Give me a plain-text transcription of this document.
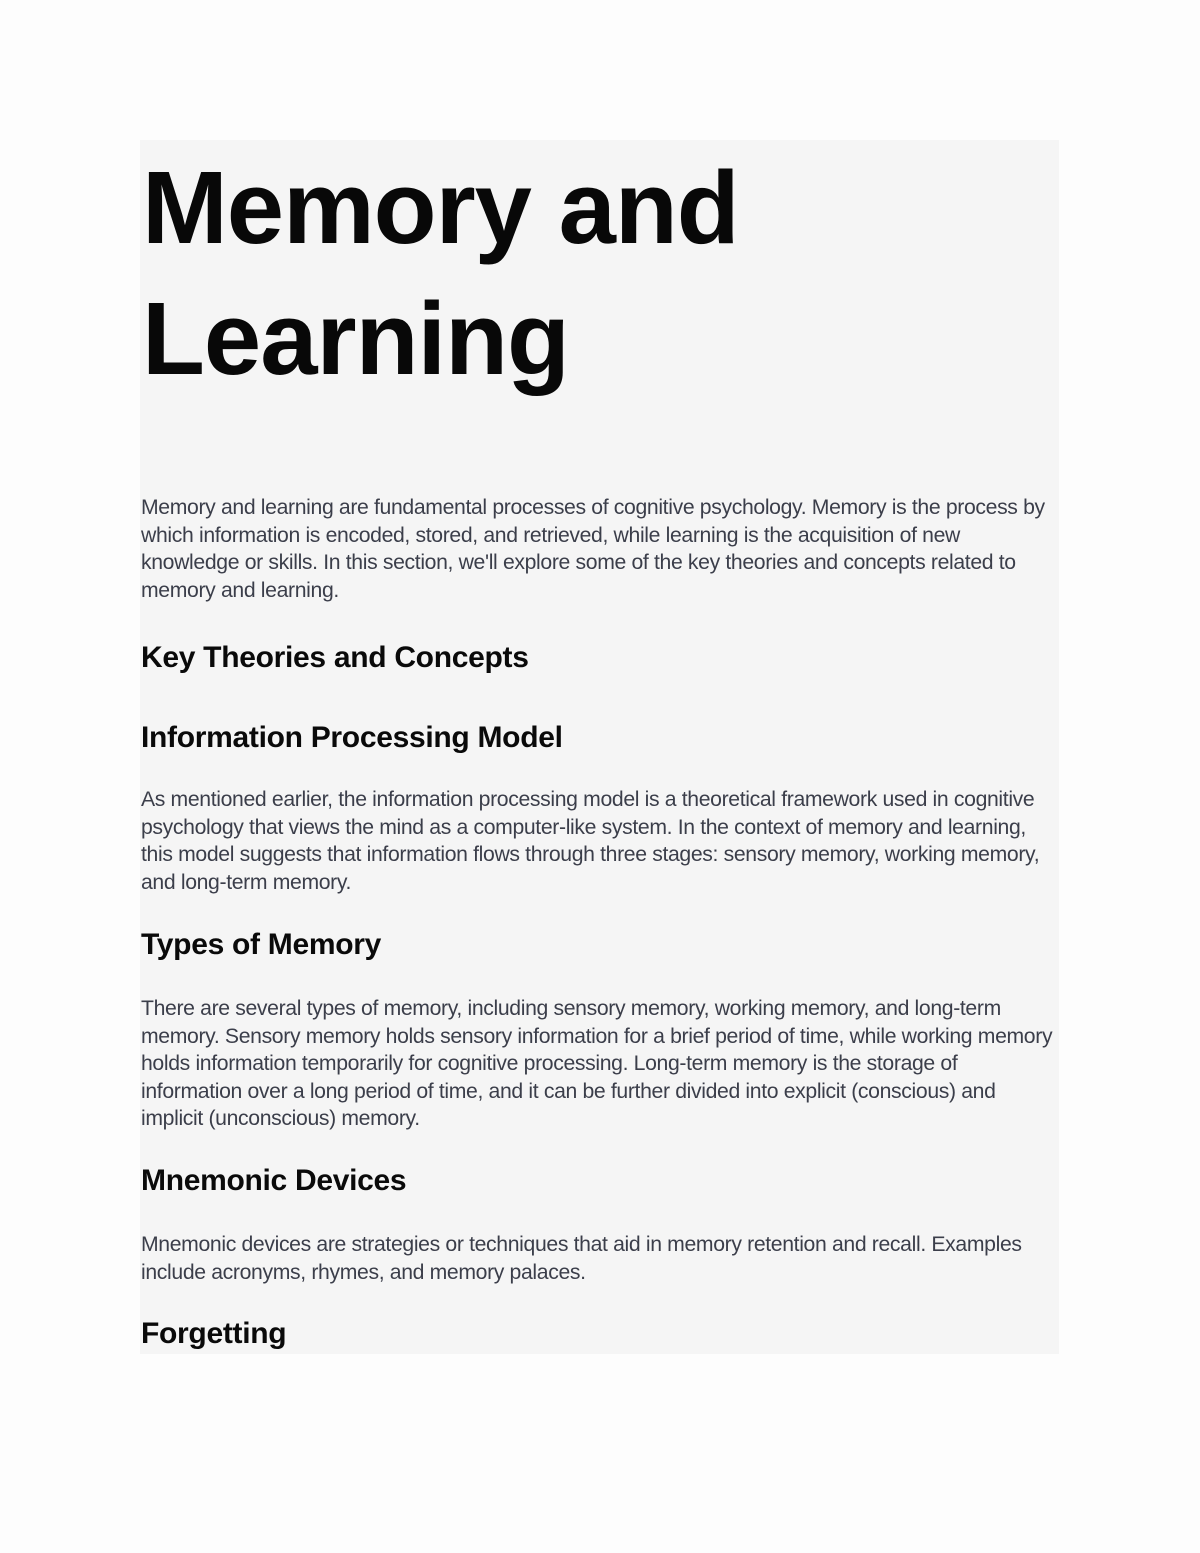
Memory and Learning

Memory and learning are fundamental processes of cognitive psychology. Memory is the process by which information is encoded, stored, and retrieved, while learning is the acquisition of new knowledge or skills. In this section, we'll explore some of the key theories and concepts related to memory and learning.

Key Theories and Concepts
Information Processing Model

As mentioned earlier, the information processing model is a theoretical framework used in cognitive psychology that views the mind as a computer-like system. In the context of memory and learning, this model suggests that information flows through three stages: sensory memory, working memory, and long-term memory.

Types of Memory

There are several types of memory, including sensory memory, working memory, and long-term memory. Sensory memory holds sensory information for a brief period of time, while working memory holds information temporarily for cognitive processing. Long-term memory is the storage of information over a long period of time, and it can be further divided into explicit (conscious) and implicit (unconscious) memory.

Mnemonic Devices

Mnemonic devices are strategies or techniques that aid in memory retention and recall. Examples include acronyms, rhymes, and memory palaces.

Forgetting
